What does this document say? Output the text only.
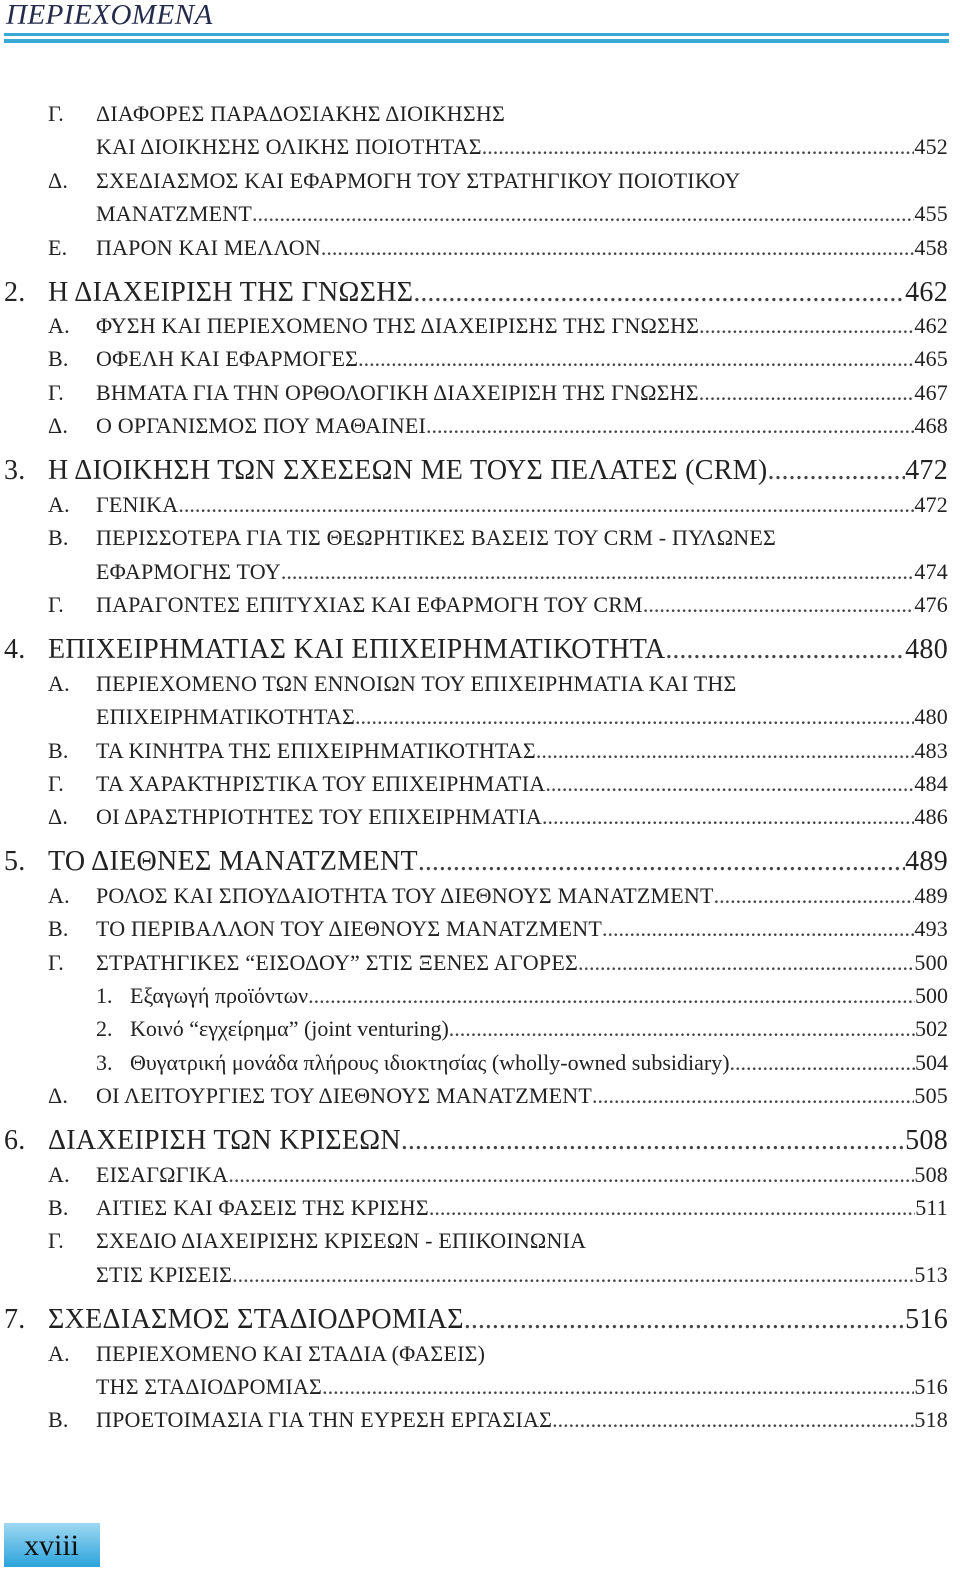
ΠΕΡΙΕΧΟΜΕΝΑ
Γ. ΔΙΑΦΟΡΕΣ ΠΑΡΑΔΟΣΙΑΚΗΣ ΔΙΟΙΚΗΣΗΣ
ΚΑΙ ΔΙΟΙΚΗΣΗΣ ΟΛΙΚΗΣ ΠΟΙΟΤΗΤΑΣ .....	452
Δ. ΣΧΕΔΙΑΣΜΟΣ ΚΑΙ ΕΦΑΡΜΟΓΗ ΤΟΥ ΣΤΡΑΤΗΓΙΚΟΥ ΠΟΙΟΤΙΚΟΥ
ΜΑΝΑΤΖΜΕΝΤ .....	455
Ε. ΠΑΡΟΝ ΚΑΙ ΜΕΛΛΟΝ .....	458
2. Η ΔΙΑΧΕΙΡΙΣΗ ΤΗΣ ΓΝΩΣΗΣ .....	462
Α. ΦΥΣΗ ΚΑΙ ΠΕΡΙΕΧΟΜΕΝΟ ΤΗΣ ΔΙΑΧΕΙΡΙΣΗΣ ΤΗΣ ΓΝΩΣΗΣ .....	462
Β. ΟΦΕΛΗ ΚΑΙ ΕΦΑΡΜΟΓΕΣ .....	465
Γ. ΒΗΜΑΤΑ ΓΙΑ ΤΗΝ ΟΡΘΟΛΟΓΙΚΗ ΔΙΑΧΕΙΡΙΣΗ ΤΗΣ ΓΝΩΣΗΣ .....	467
Δ. Ο ΟΡΓΑΝΙΣΜΟΣ ΠΟΥ ΜΑΘΑΙΝΕΙ .....	468
3. Η ΔΙΟΙΚΗΣΗ ΤΩΝ ΣΧΕΣΕΩΝ ΜΕ ΤΟΥΣ ΠΕΛΑΤΕΣ (CRM) .....	472
Α. ΓΕΝΙΚΑ .....	472
Β. ΠΕΡΙΣΣΟΤΕΡΑ ΓΙΑ ΤΙΣ ΘΕΩΡΗΤΙΚΕΣ ΒΑΣΕΙΣ ΤΟΥ CRM - ΠΥΛΩΝΕΣ
ΕΦΑΡΜΟΓΗΣ ΤΟΥ .....	474
Γ. ΠΑΡΑΓΟΝΤΕΣ ΕΠΙΤΥΧΙΑΣ ΚΑΙ ΕΦΑΡΜΟΓΗ ΤΟΥ CRM .....	476
4. ΕΠΙΧΕΙΡΗΜΑΤΙΑΣ ΚΑΙ ΕΠΙΧΕΙΡΗΜΑΤΙΚΟΤΗΤΑ .....	480
Α. ΠΕΡΙΕΧΟΜΕΝΟ ΤΩΝ ΕΝΝΟΙΩΝ ΤΟΥ ΕΠΙΧΕΙΡΗΜΑΤΙΑ ΚΑΙ ΤΗΣ
ΕΠΙΧΕΙΡΗΜΑΤΙΚΟΤΗΤΑΣ .....	480
Β. ΤΑ ΚΙΝΗΤΡΑ ΤΗΣ ΕΠΙΧΕΙΡΗΜΑΤΙΚΟΤΗΤΑΣ .....	483
Γ. ΤΑ ΧΑΡΑΚΤΗΡΙΣΤΙΚΑ ΤΟΥ ΕΠΙΧΕΙΡΗΜΑΤΙΑ .....	484
Δ. ΟΙ ΔΡΑΣΤΗΡΙΟΤΗΤΕΣ ΤΟΥ ΕΠΙΧΕΙΡΗΜΑΤΙΑ .....	486
5. ΤΟ ΔΙΕΘΝΕΣ ΜΑΝΑΤΖΜΕΝΤ .....	489
Α. ΡΟΛΟΣ ΚΑΙ ΣΠΟΥΔΑΙΟΤΗΤΑ ΤΟΥ ΔΙΕΘΝΟΥΣ ΜΑΝΑΤΖΜΕΝΤ .....	489
Β. ΤΟ ΠΕΡΙΒΑΛΛΟΝ ΤΟΥ ΔΙΕΘΝΟΥΣ ΜΑΝΑΤΖΜΕΝΤ .....	493
Γ. ΣΤΡΑΤΗΓΙΚΕΣ “ΕΙΣΟΔΟΥ” ΣΤΙΣ ΞΕΝΕΣ ΑΓΟΡΕΣ .....	500
1. Εξαγωγή προϊόντων .....	500
2. Κοινό “εγχείρημα” (joint venturing) .....	502
3. Θυγατρική μονάδα πλήρους ιδιοκτησίας (wholly-owned subsidiary) .....	504
Δ. ΟΙ ΛΕΙΤΟΥΡΓΙΕΣ ΤΟΥ ΔΙΕΘΝΟΥΣ ΜΑΝΑΤΖΜΕΝΤ .....	505
6. ΔΙΑΧΕΙΡΙΣΗ ΤΩΝ ΚΡΙΣΕΩΝ .....	508
Α. ΕΙΣΑΓΩΓΙΚΑ .....	508
Β. ΑΙΤΙΕΣ ΚΑΙ ΦΑΣΕΙΣ ΤΗΣ ΚΡΙΣΗΣ .....	511
Γ. ΣΧΕΔΙΟ ΔΙΑΧΕΙΡΙΣΗΣ ΚΡΙΣΕΩΝ - ΕΠΙΚΟΙΝΩΝΙΑ
ΣΤΙΣ ΚΡΙΣΕΙΣ .....	513
7. ΣΧΕΔΙΑΣΜΟΣ ΣΤΑΔΙΟΔΡΟΜΙΑΣ .....	516
Α. ΠΕΡΙΕΧΟΜΕΝΟ ΚΑΙ ΣΤΑΔΙΑ (ΦΑΣΕΙΣ)
ΤΗΣ ΣΤΑΔΙΟΔΡΟΜΙΑΣ .....	516
Β. ΠΡΟΕΤΟΙΜΑΣΙΑ ΓΙΑ ΤΗΝ ΕΥΡΕΣΗ ΕΡΓΑΣΙΑΣ .....	518
xviii
